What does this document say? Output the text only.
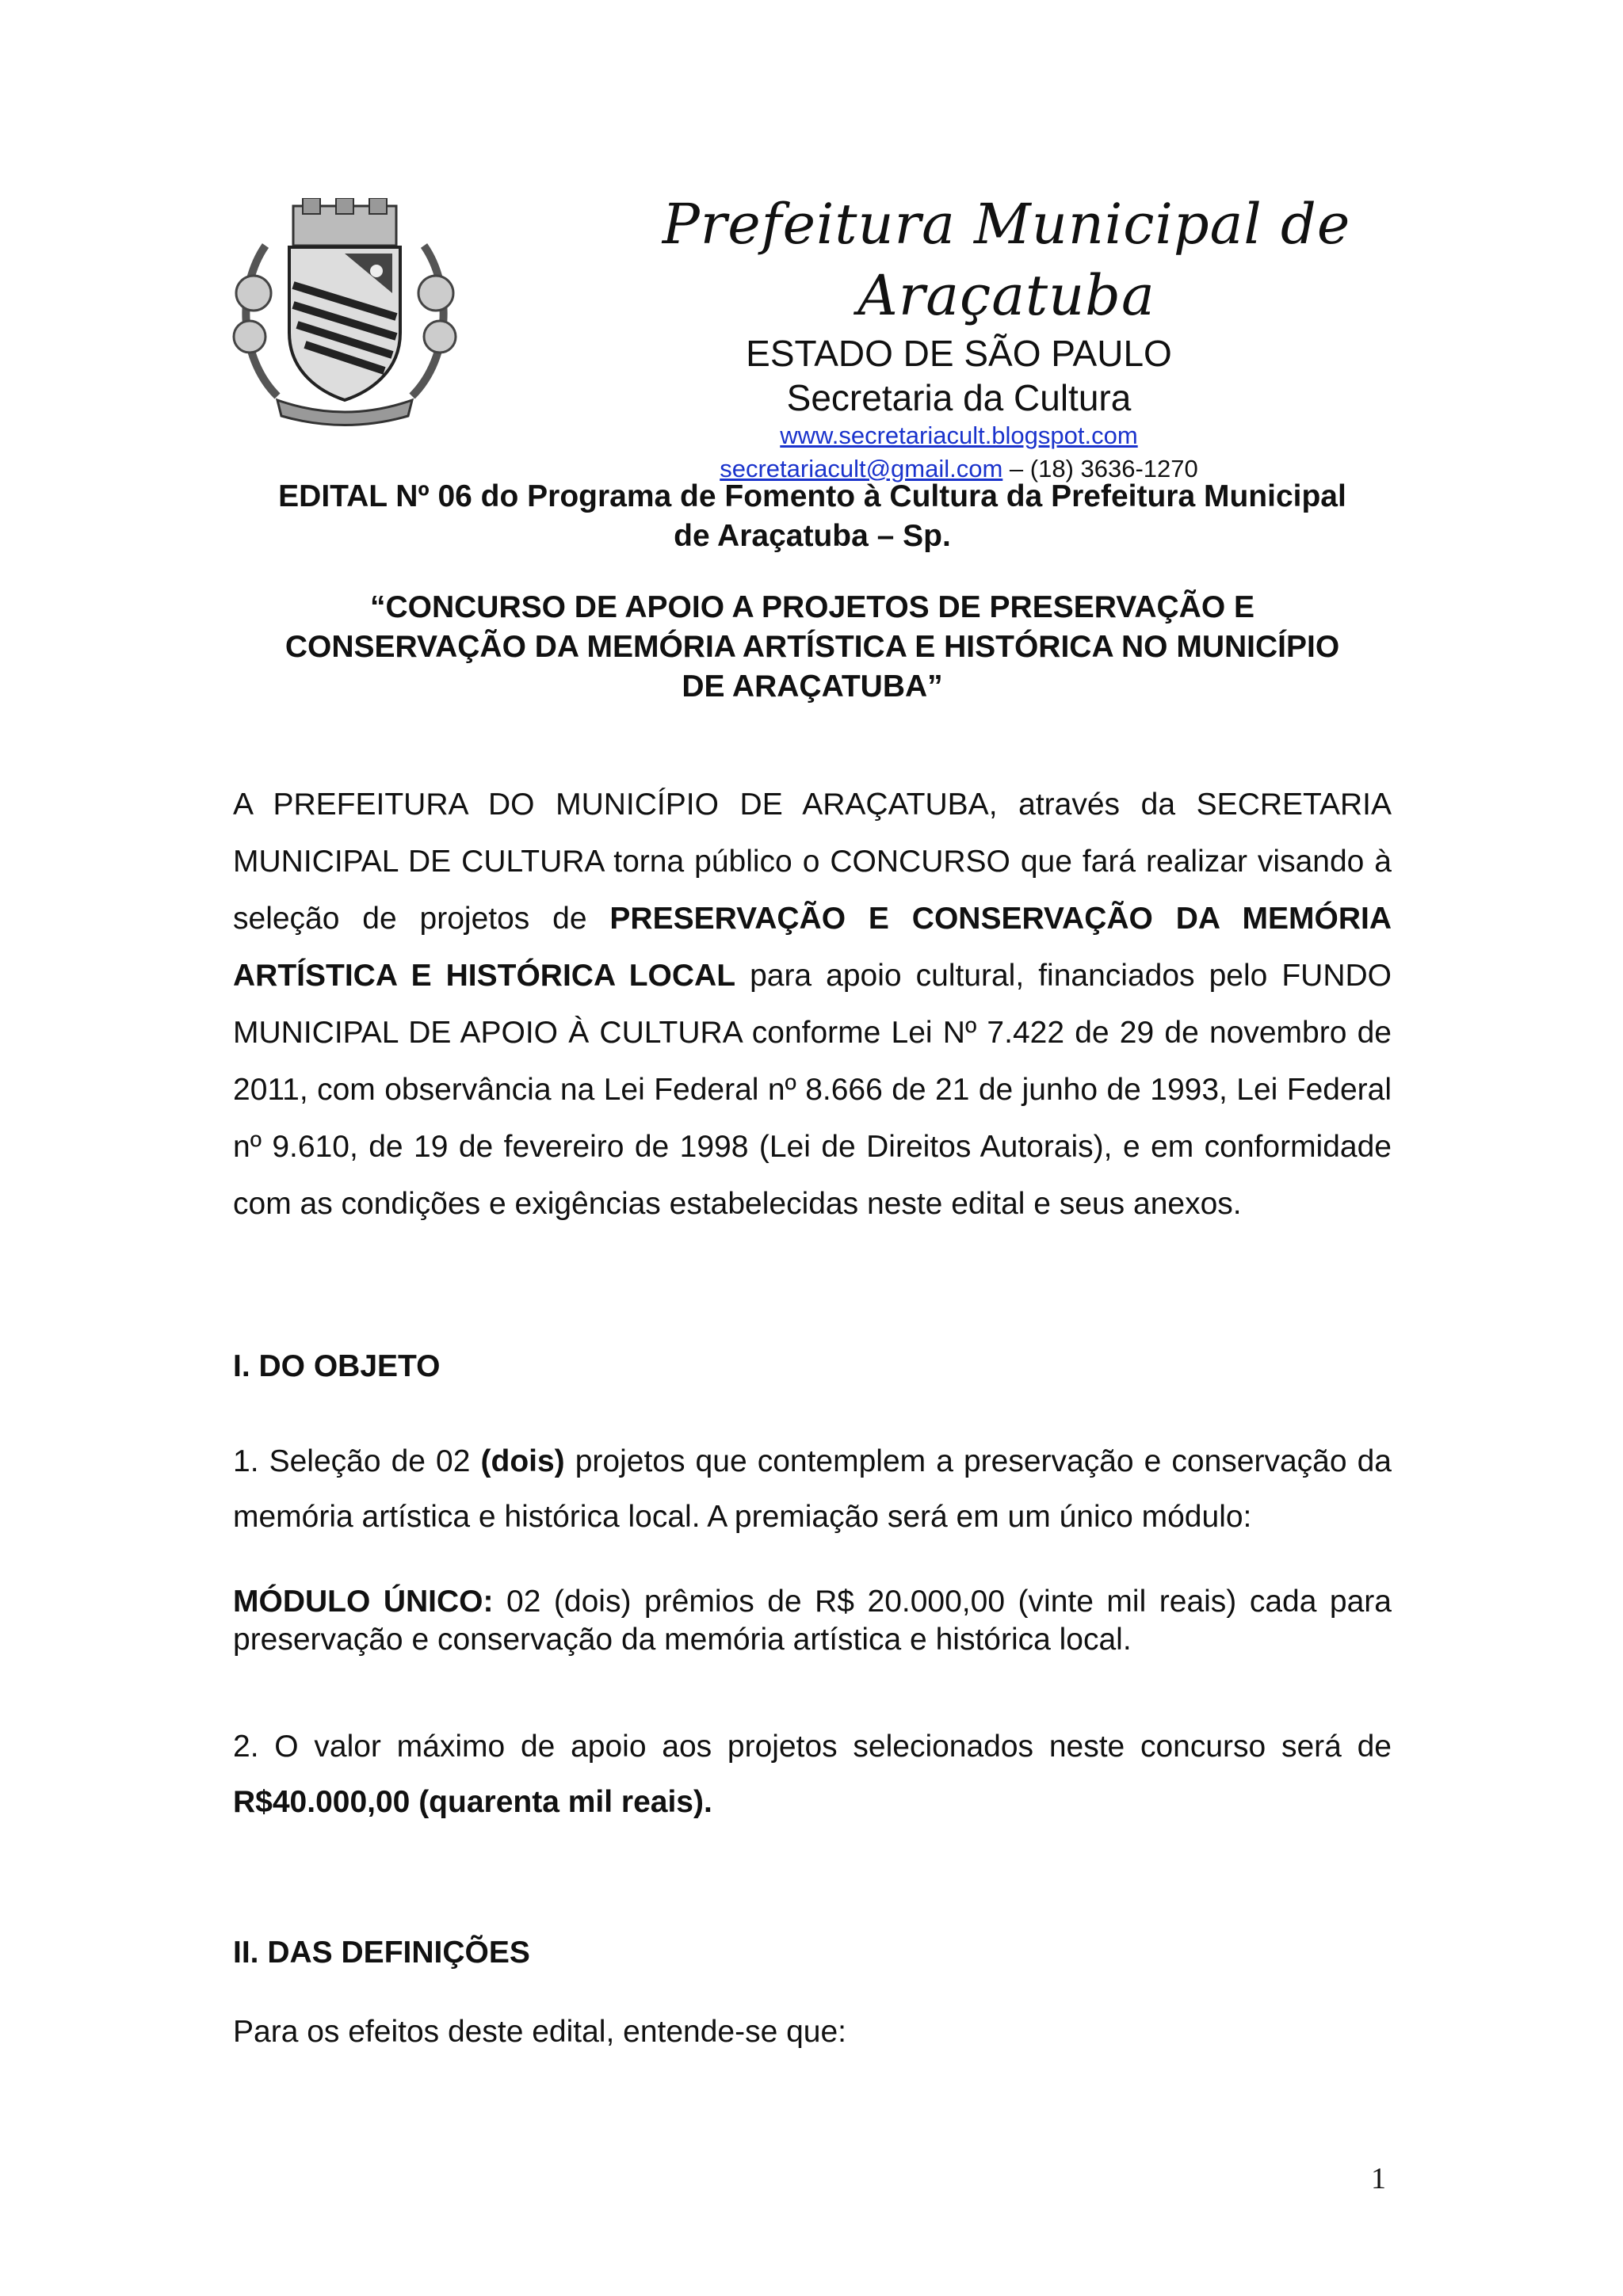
Prefeitura Municipal de Araçatuba
ESTADO DE SÃO PAULO
Secretaria da Cultura
www.secretariacult.blogspot.com
secretariacult@gmail.com – (18) 3636-1270
EDITAL Nº 06 do Programa de Fomento à Cultura da Prefeitura Municipal
de Araçatuba – Sp.
“CONCURSO DE APOIO A PROJETOS DE PRESERVAÇÃO E
CONSERVAÇÃO DA MEMÓRIA ARTÍSTICA E HISTÓRICA NO MUNICÍPIO
DE ARAÇATUBA”
A PREFEITURA DO MUNICÍPIO DE ARAÇATUBA, através da SECRETARIA MUNICIPAL DE CULTURA torna público o CONCURSO que fará realizar visando à seleção de projetos de PRESERVAÇÃO E CONSERVAÇÃO DA MEMÓRIA ARTÍSTICA E HISTÓRICA LOCAL para apoio cultural, financiados pelo FUNDO MUNICIPAL DE APOIO À CULTURA conforme Lei Nº 7.422 de 29 de novembro de 2011, com observância na Lei Federal nº 8.666 de 21 de junho de 1993, Lei Federal nº 9.610, de 19 de fevereiro de 1998 (Lei de Direitos Autorais), e em conformidade com as condições e exigências estabelecidas neste edital e seus anexos.
I. DO OBJETO
1. Seleção de 02 (dois) projetos que contemplem a preservação e conservação da memória artística e histórica local. A premiação será em um único módulo:
MÓDULO ÚNICO: 02 (dois) prêmios de R$ 20.000,00 (vinte mil reais) cada para preservação e conservação da memória artística e histórica local.
2. O valor máximo de apoio aos projetos selecionados neste concurso será de R$40.000,00 (quarenta mil reais).
II. DAS DEFINIÇÕES
Para os efeitos deste edital, entende-se que:
1
